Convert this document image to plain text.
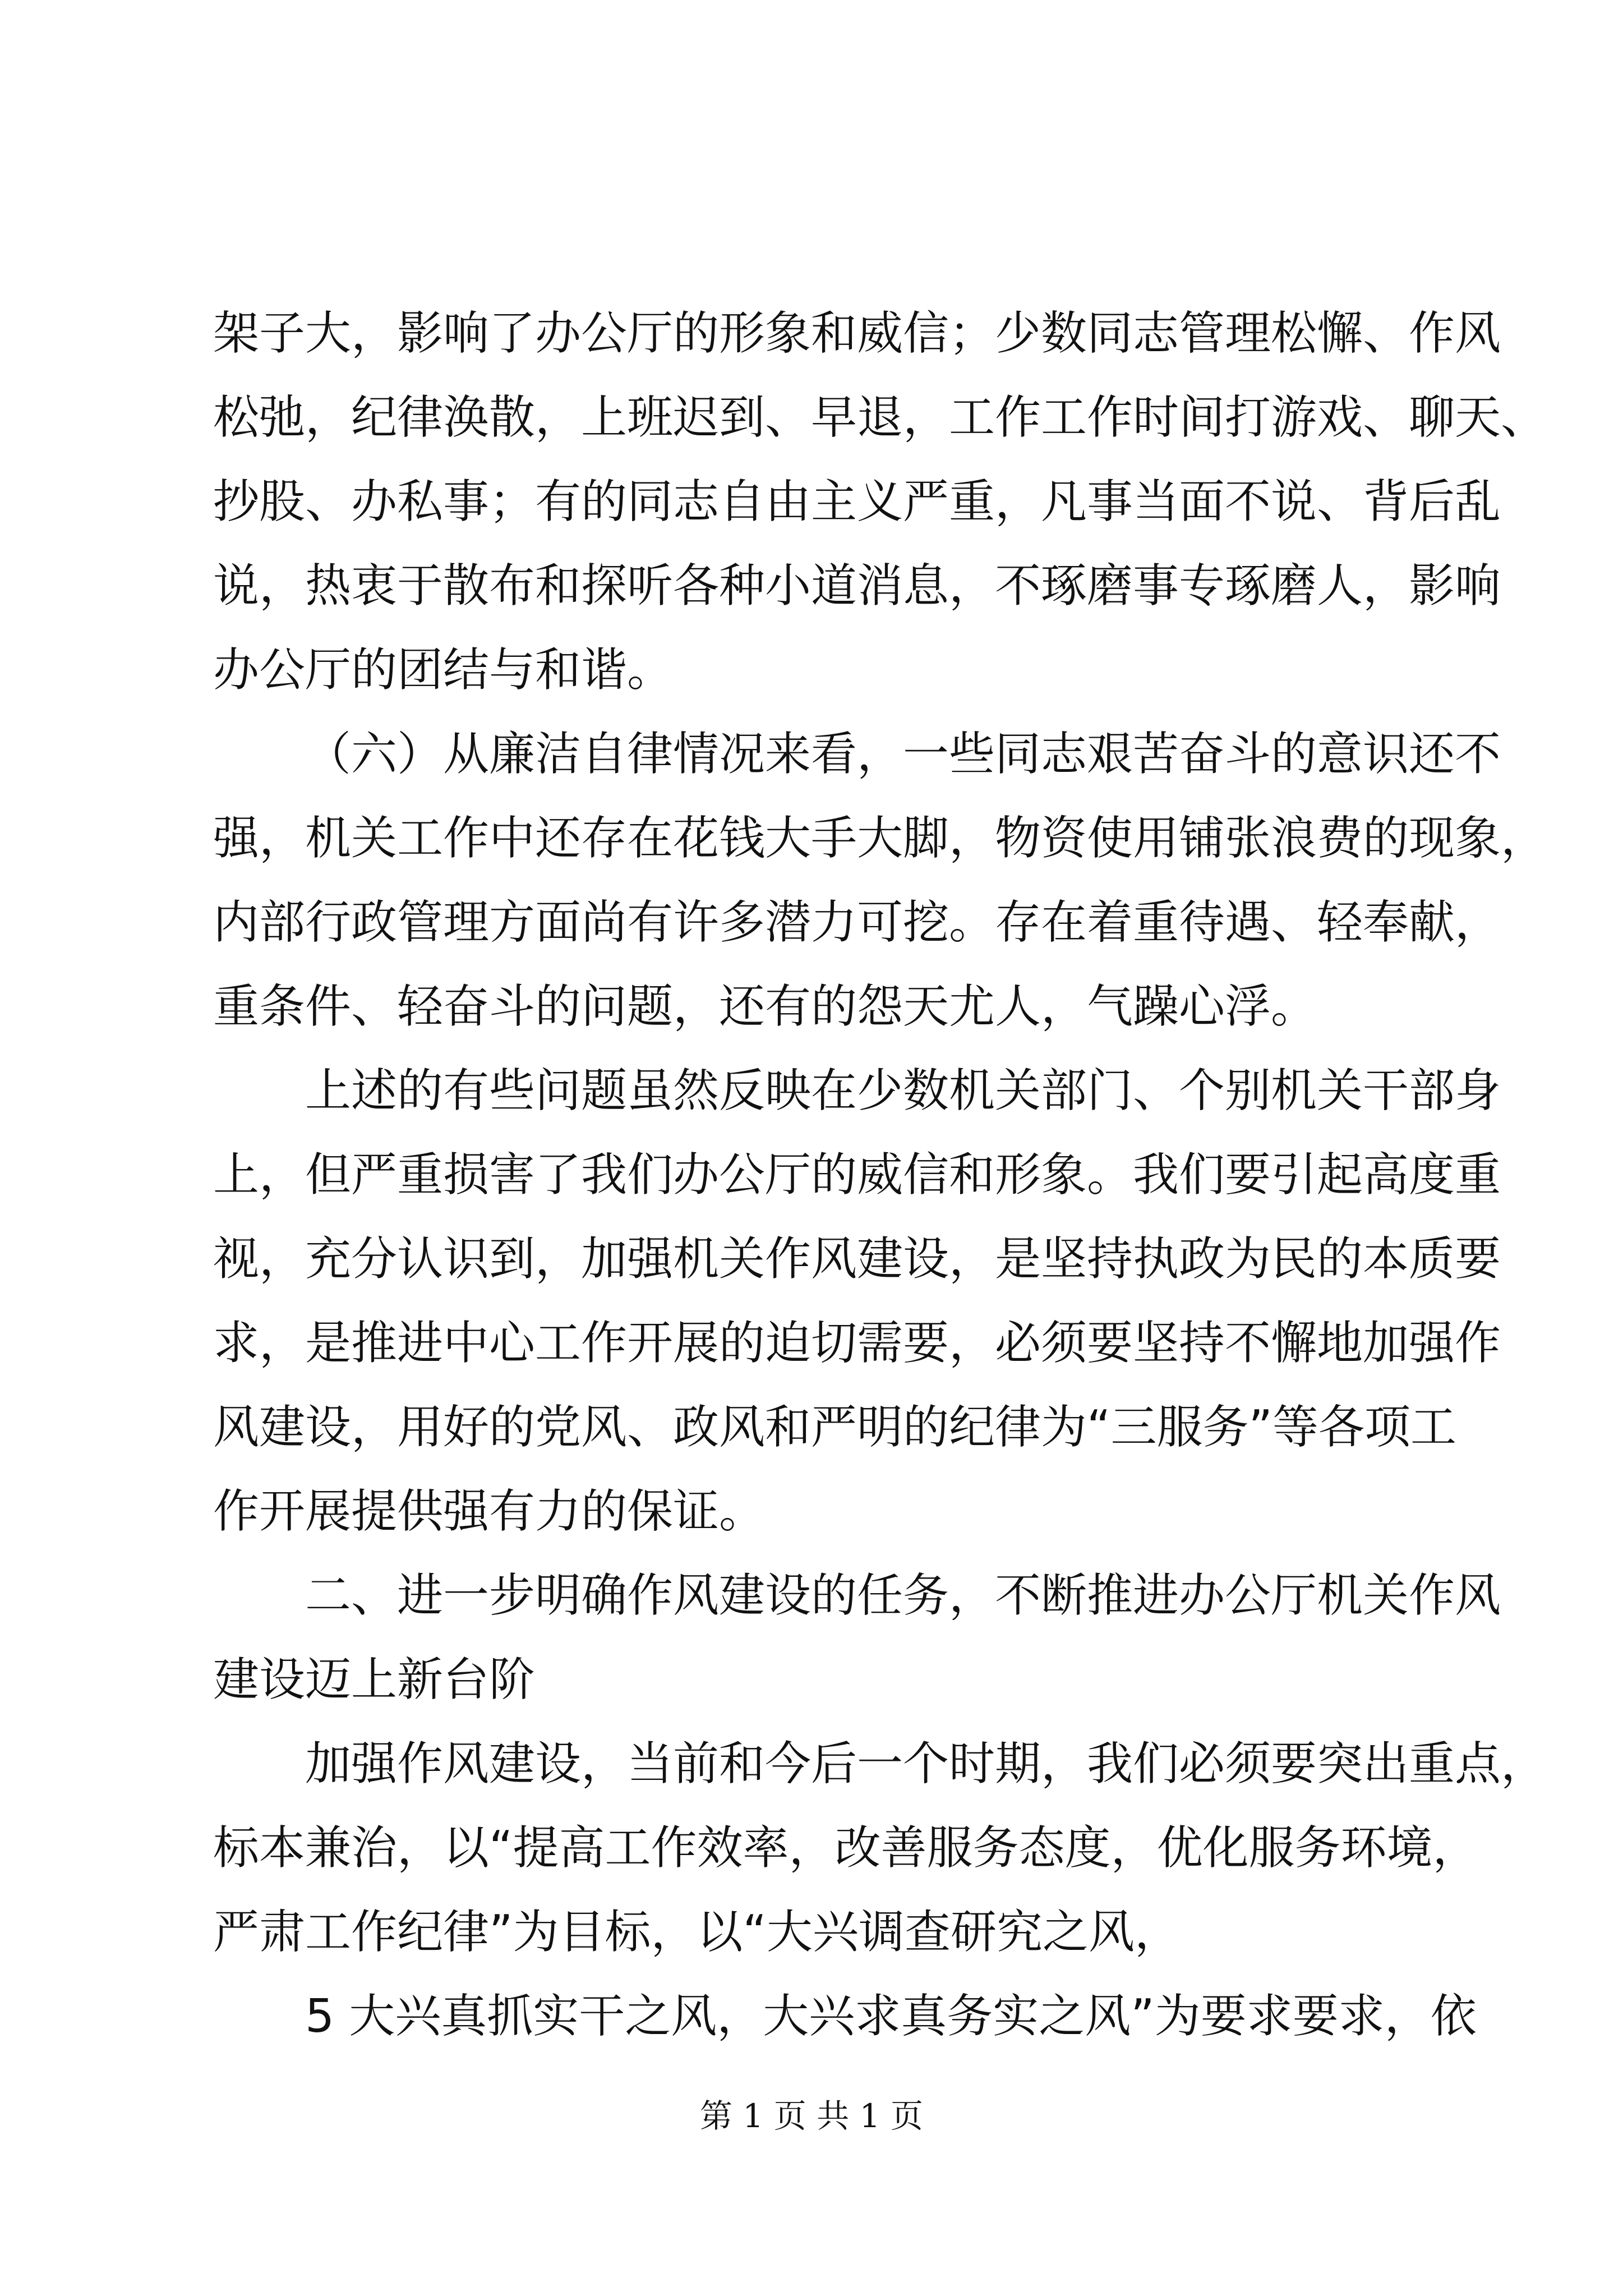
架子大，影响了办公厅的形象和威信；少数同志管理松懈、作风
松弛，纪律涣散，上班迟到、早退，工作工作时间打游戏、聊天、
抄股、办私事；有的同志自由主义严重，凡事当面不说、背后乱
说，热衷于散布和探听各种小道消息，不琢磨事专琢磨人，影响
办公厅的团结与和谐。
（六）从廉洁自律情况来看，一些同志艰苦奋斗的意识还不
强，机关工作中还存在花钱大手大脚，物资使用铺张浪费的现象，
内部行政管理方面尚有许多潜力可挖。存在着重待遇、轻奉献，
重条件、轻奋斗的问题，还有的怨天尤人，气躁心浮。
上述的有些问题虽然反映在少数机关部门、个别机关干部身
上，但严重损害了我们办公厅的威信和形象。我们要引起高度重
视，充分认识到，加强机关作风建设，是坚持执政为民的本质要
求，是推进中心工作开展的迫切需要，必须要坚持不懈地加强作
风建设，用好的党风、政风和严明的纪律为“三服务”等各项工
作开展提供强有力的保证。
二、进一步明确作风建设的任务，不断推进办公厅机关作风
建设迈上新台阶
加强作风建设，当前和今后一个时期，我们必须要突出重点，
标本兼治，以“提高工作效率，改善服务态度，优化服务环境，
严肃工作纪律”为目标，以“大兴调查研究之风，
5 大兴真抓实干之风，大兴求真务实之风”为要求要求，依
第 1 页 共 1 页
